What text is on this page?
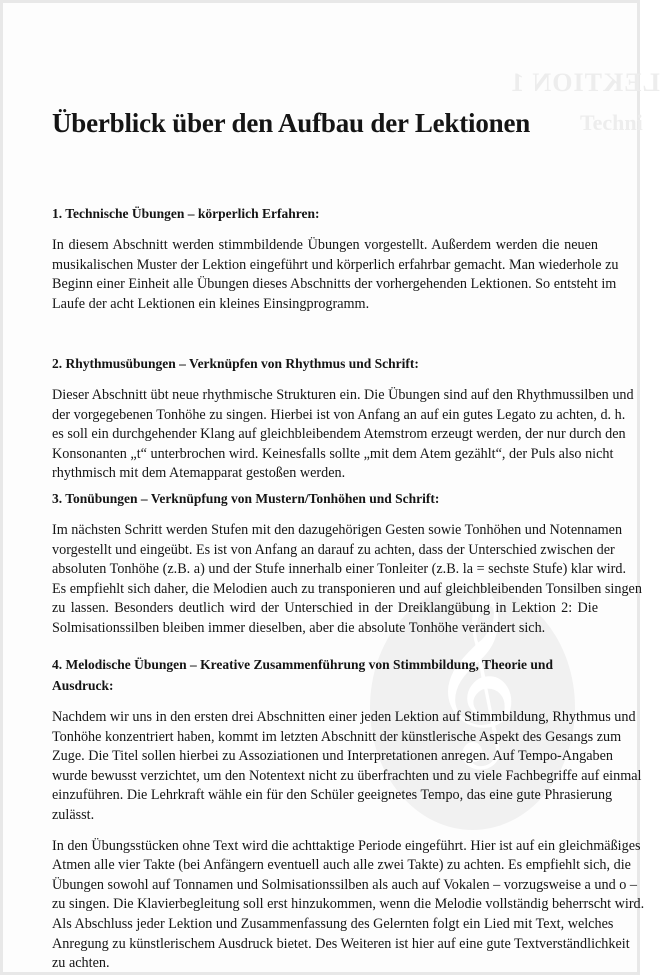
LEKTION 1
Techni
𝄞
Überblick über den Aufbau der Lektionen
1. Technische Übungen – körperlich Erfahren:
In diesem Abschnitt werden stimmbildende Übungen vorgestellt. Außerdem werden die neuen
musikalischen Muster der Lektion eingeführt und körperlich erfahrbar gemacht. Man wiederhole zu
Beginn einer Einheit alle Übungen dieses Abschnitts der vorhergehenden Lektionen. So entsteht im
Laufe der acht Lektionen ein kleines Einsingprogramm.
2. Rhythmusübungen – Verknüpfen von Rhythmus und Schrift:
Dieser Abschnitt übt neue rhythmische Strukturen ein. Die Übungen sind auf den Rhythmussilben und
der vorgegebenen Tonhöhe zu singen. Hierbei ist von Anfang an auf ein gutes Legato zu achten, d. h.
es soll ein durchgehender Klang auf gleichbleibendem Atemstrom erzeugt werden, der nur durch den
Konsonanten „t“ unterbrochen wird. Keinesfalls sollte „mit dem Atem gezählt“, der Puls also nicht
rhythmisch mit dem Atemapparat gestoßen werden.
3. Tonübungen – Verknüpfung von Mustern/Tonhöhen und Schrift:
Im nächsten Schritt werden Stufen mit den dazugehörigen Gesten sowie Tonhöhen und Notennamen
vorgestellt und eingeübt. Es ist von Anfang an darauf zu achten, dass der Unterschied zwischen der
absoluten Tonhöhe (z.B. a) und der Stufe innerhalb einer Tonleiter (z.B. la = sechste Stufe) klar wird.
Es empfiehlt sich daher, die Melodien auch zu transponieren und auf gleichbleibenden Tonsilben singen
zu lassen. Besonders deutlich wird der Unterschied in der Dreiklangübung in Lektion 2: Die
Solmisationssilben bleiben immer dieselben, aber die absolute Tonhöhe verändert sich.
4. Melodische Übungen – Kreative Zusammenführung von Stimmbildung, Theorie und Ausdruck:
Nachdem wir uns in den ersten drei Abschnitten einer jeden Lektion auf Stimmbildung, Rhythmus und
Tonhöhe konzentriert haben, kommt im letzten Abschnitt der künstlerische Aspekt des Gesangs zum
Zuge. Die Titel sollen hierbei zu Assoziationen und Interpretationen anregen. Auf Tempo-Angaben
wurde bewusst verzichtet, um den Notentext nicht zu überfrachten und zu viele Fachbegriffe auf einmal
einzuführen. Die Lehrkraft wähle ein für den Schüler geeignetes Tempo, das eine gute Phrasierung
zulässt.
In den Übungsstücken ohne Text wird die achttaktige Periode eingeführt. Hier ist auf ein gleichmäßiges
Atmen alle vier Takte (bei Anfängern eventuell auch alle zwei Takte) zu achten. Es empfiehlt sich, die
Übungen sowohl auf Tonnamen und Solmisationssilben als auch auf Vokalen – vorzugsweise a und o –
zu singen. Die Klavierbegleitung soll erst hinzukommen, wenn die Melodie vollständig beherrscht wird.
Als Abschluss jeder Lektion und Zusammenfassung des Gelernten folgt ein Lied mit Text, welches
Anregung zu künstlerischem Ausdruck bietet. Des Weiteren ist hier auf eine gute Textverständlichkeit
zu achten.
